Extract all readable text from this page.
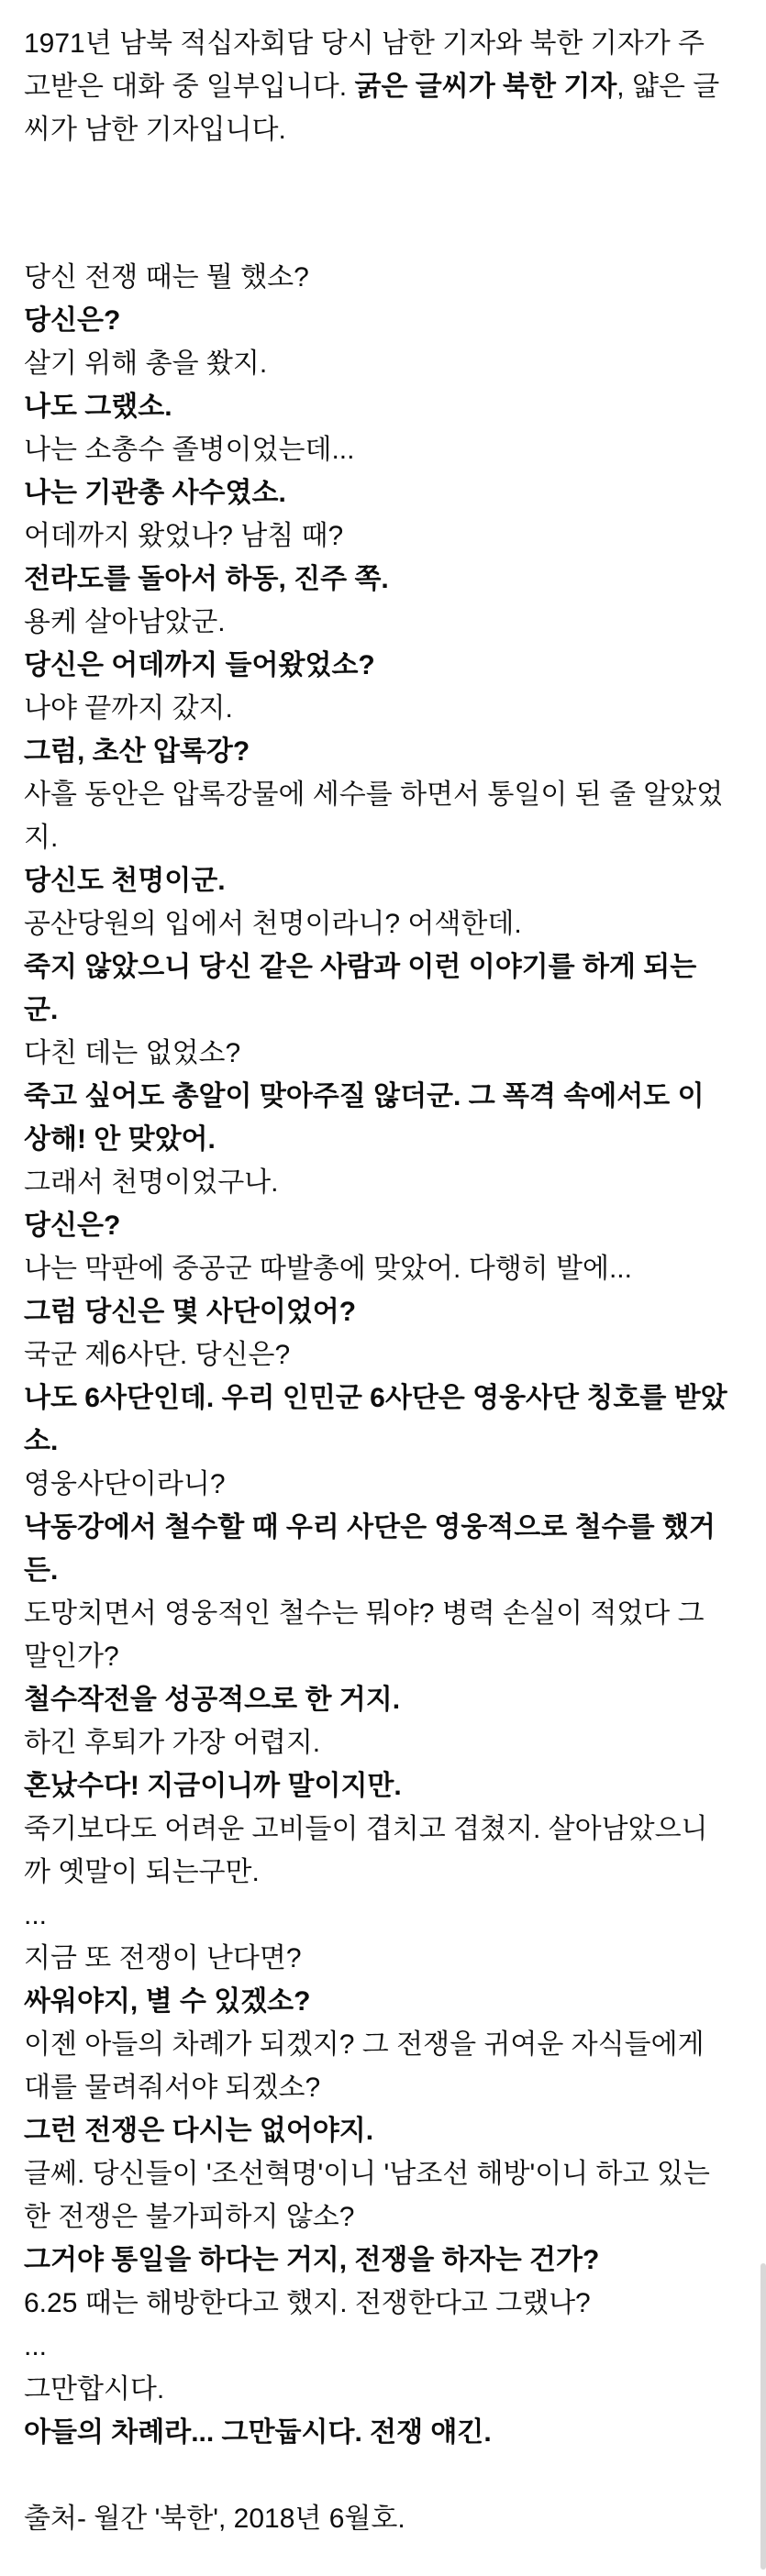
1971년 남북 적십자회담 당시 남한 기자와 북한 기자가 주고받은 대화 중 일부입니다. 굵은 글씨가 북한 기자, 얇은 글씨가 남한 기자입니다.

당신 전쟁 때는 뭘 했소?

당신은?

살기 위해 총을 쐈지.

나도 그랬소.

나는 소총수 졸병이었는데...

나는 기관총 사수였소.

어데까지 왔었나? 남침 때?

전라도를 돌아서 하동, 진주 쪽.

용케 살아남았군.

당신은 어데까지 들어왔었소?

나야 끝까지 갔지.

그럼, 초산 압록강?

사흘 동안은 압록강물에 세수를 하면서 통일이 된 줄 알았었지.

당신도 천명이군.

공산당원의 입에서 천명이라니? 어색한데.

죽지 않았으니 당신 같은 사람과 이런 이야기를 하게 되는군.

다친 데는 없었소?

죽고 싶어도 총알이 맞아주질 않더군. 그 폭격 속에서도 이상해! 안 맞았어.

그래서 천명이었구나.

당신은?

나는 막판에 중공군 따발총에 맞았어. 다행히 발에...

그럼 당신은 몇 사단이었어?

국군 제6사단. 당신은?

나도 6사단인데. 우리 인민군 6사단은 영웅사단 칭호를 받았소.

영웅사단이라니?

낙동강에서 철수할 때 우리 사단은 영웅적으로 철수를 했거든.

도망치면서 영웅적인 철수는 뭐야? 병력 손실이 적었다 그말인가?

철수작전을 성공적으로 한 거지.

하긴 후퇴가 가장 어렵지.

혼났수다! 지금이니까 말이지만.

죽기보다도 어려운 고비들이 겹치고 겹쳤지. 살아남았으니까 옛말이 되는구만.

...

지금 또 전쟁이 난다면?

싸워야지, 별 수 있겠소?

이젠 아들의 차례가 되겠지? 그 전쟁을 귀여운 자식들에게 대를 물려줘서야 되겠소?

그런 전쟁은 다시는 없어야지.

글쎄. 당신들이 '조선혁명'이니 '남조선 해방'이니 하고 있는 한 전쟁은 불가피하지 않소?

그거야 통일을 하다는 거지, 전쟁을 하자는 건가?

6.25 때는 해방한다고 했지. 전쟁한다고 그랬나?

...

그만합시다.

아들의 차례라... 그만둡시다. 전쟁 얘긴.

출처- 월간 '북한', 2018년 6월호.
